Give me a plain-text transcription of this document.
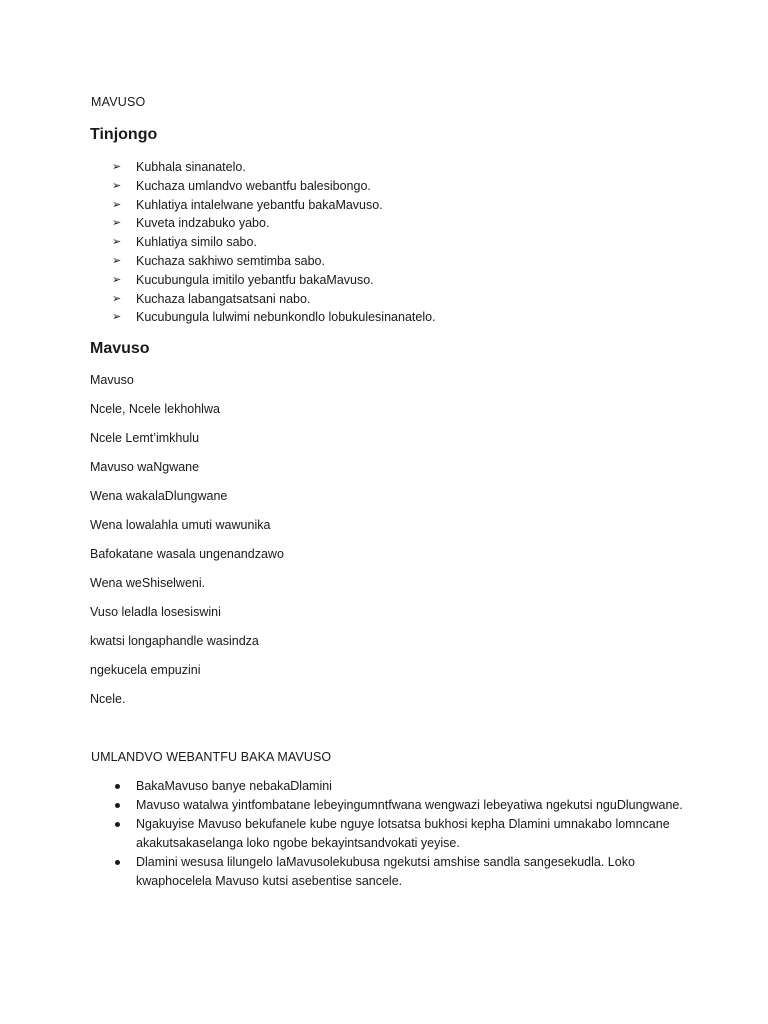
MAVUSO
Tinjongo
➢ Kubhala sinanatelo.
➢ Kuchaza umlandvo webantfu balesibongo.
➢ Kuhlatiya intalelwane yebantfu bakaMavuso.
➢ Kuveta indzabuko yabo.
➢ Kuhlatiya similo sabo.
➢ Kuchaza sakhiwo semtimba sabo.
➢ Kucubungula imitilo yebantfu bakaMavuso.
➢ Kuchaza labangatsatsani nabo.
➢ Kucubungula lulwimi nebunkondlo lobukulesinanatelo.
Mavuso
Mavuso
Ncele, Ncele lekhohlwa
Ncele Lemt’imkhulu
Mavuso waNgwane
Wena wakalaDlungwane
Wena lowalahla umuti wawunika
Bafokatane wasala ungenandzawo
Wena weShiselweni.
Vuso leladla losesiswini
kwatsi longaphandle wasindza
ngekucela empuzini
Ncele.
UMLANDVO WEBANTFU BAKA MAVUSO
BakaMavuso banye nebakaDlamini
Mavuso watalwa yintfombatane lebeyingumntfwana wengwazi lebeyatiwa ngekutsi nguDlungwane.
Ngakuyise Mavuso bekufanele kube nguye lotsatsa bukhosi kepha Dlamini umnakabo lomncane akakutsakaselanga loko ngobe bekayintsandvokati yeyise.
Dlamini wesusa lilungelo laMavusolekubusa ngekutsi amshise sandla sangesekudla. Loko kwaphocelela Mavuso kutsi asebentise sancele.
